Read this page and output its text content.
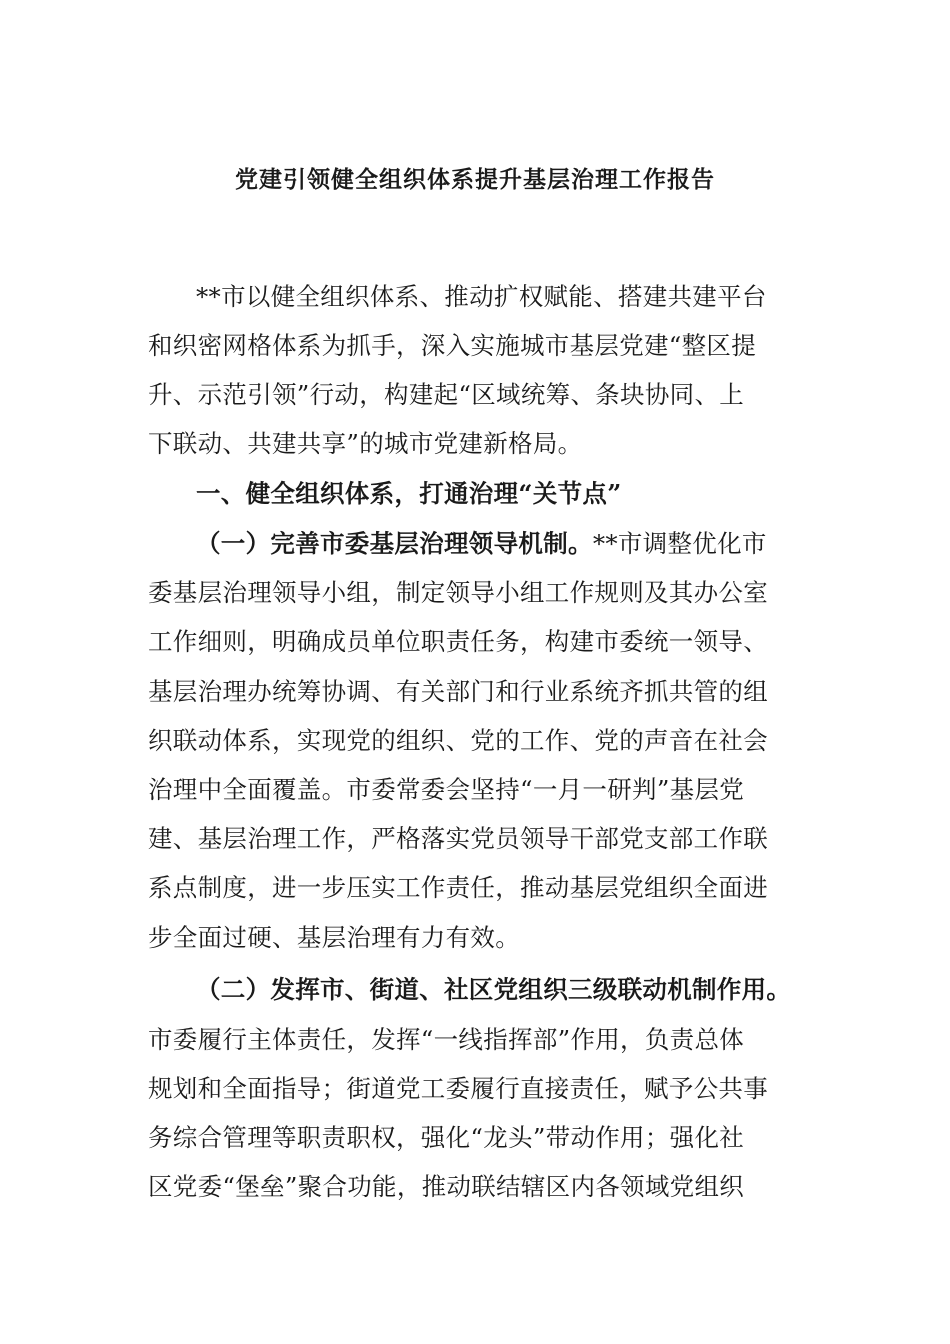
党建引领健全组织体系提升基层治理工作报告
**市以健全组织体系、推动扩权赋能、搭建共建平台
和织密网格体系为抓手，深入实施城市基层党建“整区提
升、示范引领”行动，构建起“区域统筹、条块协同、上
下联动、共建共享”的城市党建新格局。
一、健全组织体系，打通治理“关节点”
（一）完善市委基层治理领导机制。**市调整优化市
委基层治理领导小组，制定领导小组工作规则及其办公室
工作细则，明确成员单位职责任务，构建市委统一领导、
基层治理办统筹协调、有关部门和行业系统齐抓共管的组
织联动体系，实现党的组织、党的工作、党的声音在社会
治理中全面覆盖。市委常委会坚持“一月一研判”基层党
建、基层治理工作，严格落实党员领导干部党支部工作联
系点制度，进一步压实工作责任，推动基层党组织全面进
步全面过硬、基层治理有力有效。
（二）发挥市、街道、社区党组织三级联动机制作用。
市委履行主体责任，发挥“一线指挥部”作用，负责总体
规划和全面指导；街道党工委履行直接责任，赋予公共事
务综合管理等职责职权，强化“龙头”带动作用；强化社
区党委“堡垒”聚合功能，推动联结辖区内各领域党组织
